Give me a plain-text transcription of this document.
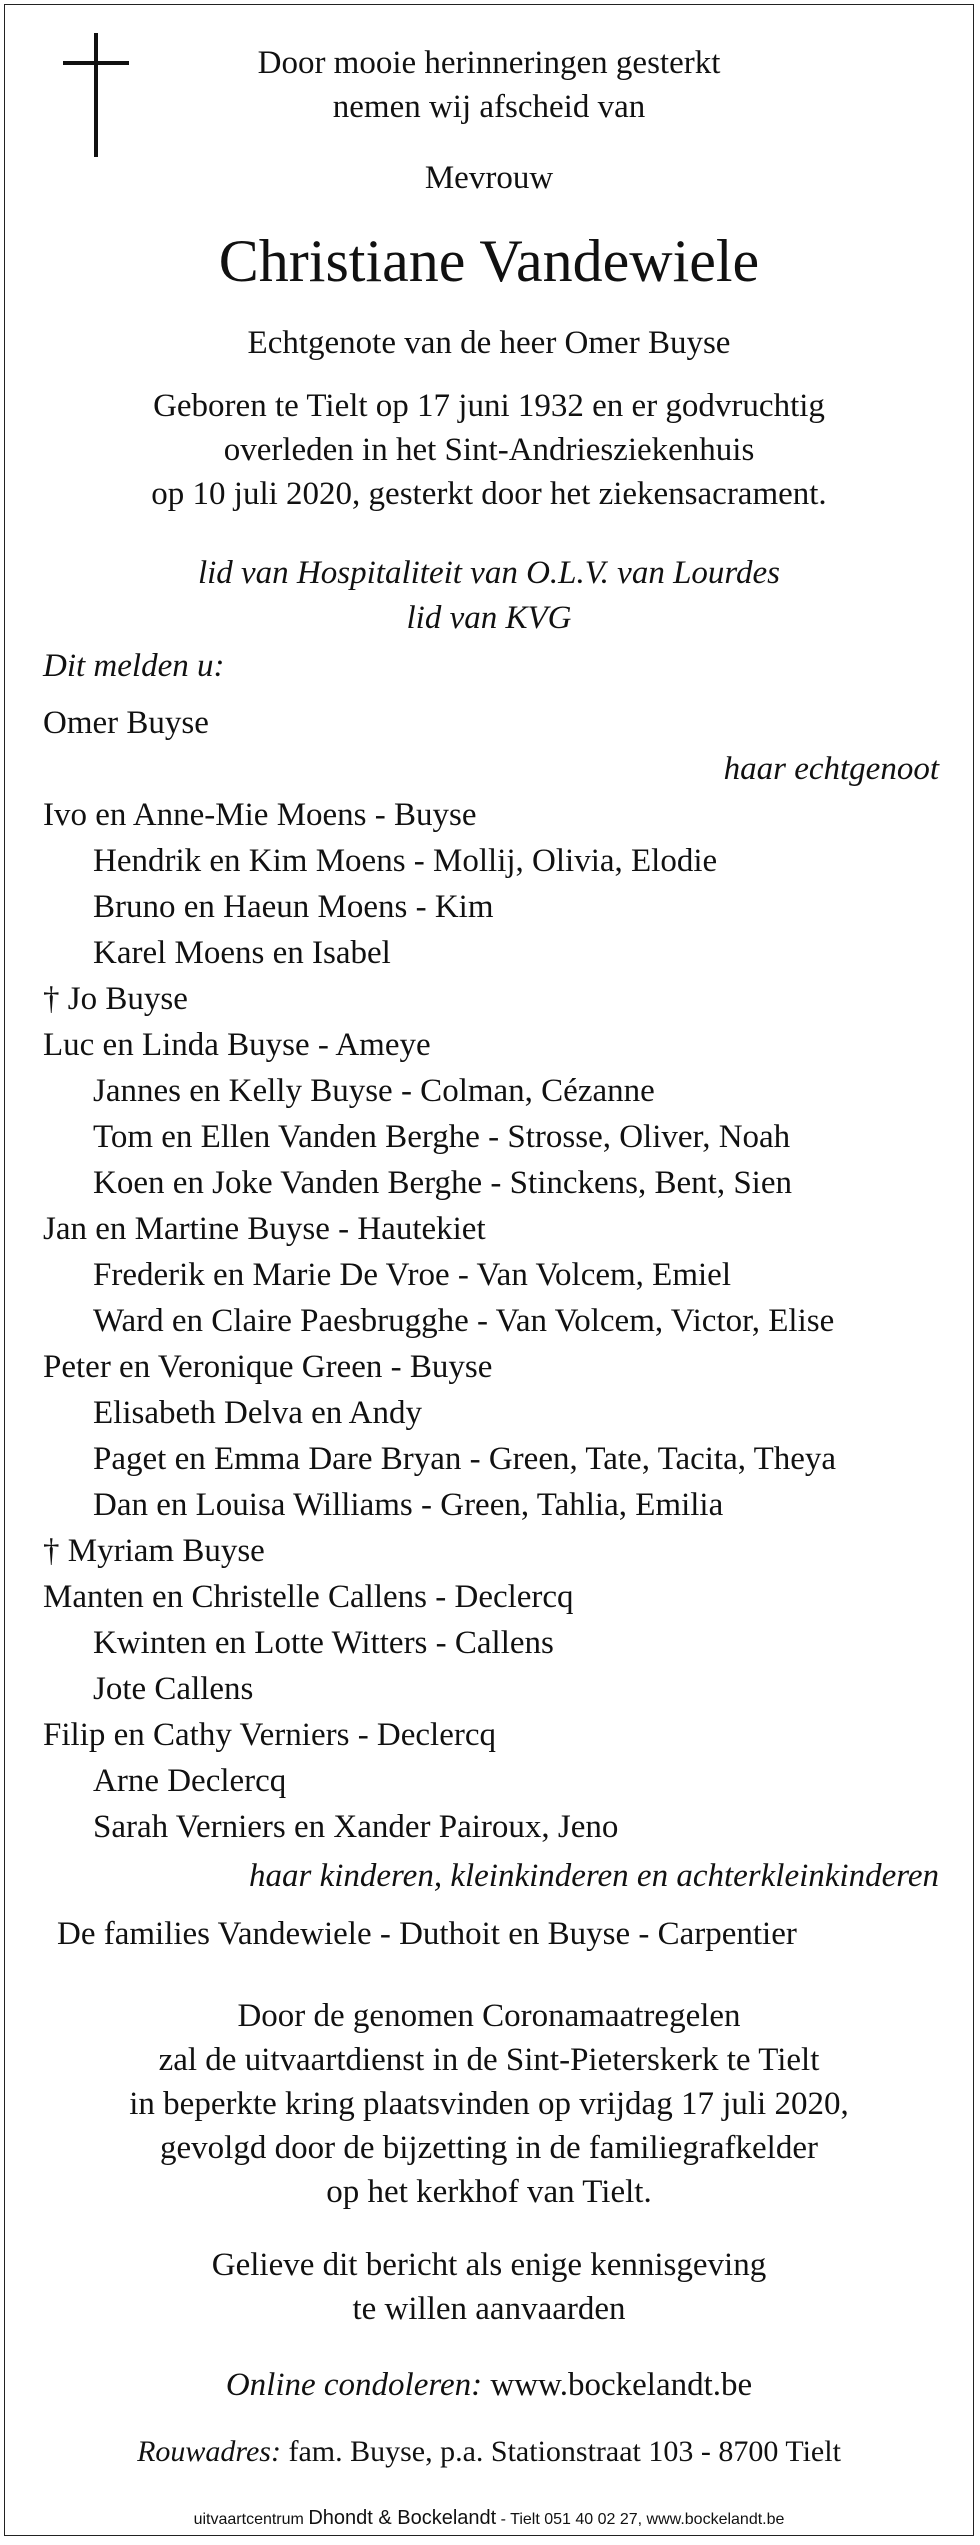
Door mooie herinneringen gesterkt

nemen wij afscheid van

Mevrouw

Christiane Vandewiele

Echtgenote van de heer Omer Buyse

Geboren te Tielt op 17 juni 1932 en er godvruchtig

overleden in het Sint-Andriesziekenhuis

op 10 juli 2020, gesterkt door het ziekensacrament.

lid van Hospitaliteit van O.L.V. van Lourdes

lid van KVG

Dit melden u:

Omer Buyse

haar echtgenoot

Ivo en Anne-Mie Moens - Buyse

Hendrik en Kim Moens - Mollij, Olivia, Elodie

Bruno en Haeun Moens - Kim

Karel Moens en Isabel

† Jo Buyse

Luc en Linda Buyse - Ameye

Jannes en Kelly Buyse - Colman, Cézanne

Tom en Ellen Vanden Berghe - Strosse, Oliver, Noah

Koen en Joke Vanden Berghe - Stinckens, Bent, Sien

Jan en Martine Buyse - Hautekiet

Frederik en Marie De Vroe - Van Volcem, Emiel

Ward en Claire Paesbrugghe - Van Volcem, Victor, Elise

Peter en Veronique Green - Buyse

Elisabeth Delva en Andy

Paget en Emma Dare Bryan - Green, Tate, Tacita, Theya

Dan en Louisa Williams - Green, Tahlia, Emilia

† Myriam Buyse

Manten en Christelle Callens - Declercq

Kwinten en Lotte Witters - Callens

Jote Callens

Filip en Cathy Verniers - Declercq

Arne Declercq

Sarah Verniers en Xander Pairoux, Jeno

haar kinderen, kleinkinderen en achterkleinkinderen

De families Vandewiele - Duthoit en Buyse - Carpentier

Door de genomen Coronamaatregelen

zal de uitvaartdienst in de Sint-Pieterskerk te Tielt

in beperkte kring plaatsvinden op vrijdag 17 juli 2020,

gevolgd door de bijzetting in de familiegrafkelder

op het kerkhof van Tielt.

Gelieve dit bericht als enige kennisgeving

te willen aanvaarden

Online condoleren: www.bockelandt.be

Rouwadres: fam. Buyse, p.a. Stationstraat 103 - 8700 Tielt

uitvaartcentrum Dhondt & Bockelandt - Tielt 051 40 02 27, www.bockelandt.be
